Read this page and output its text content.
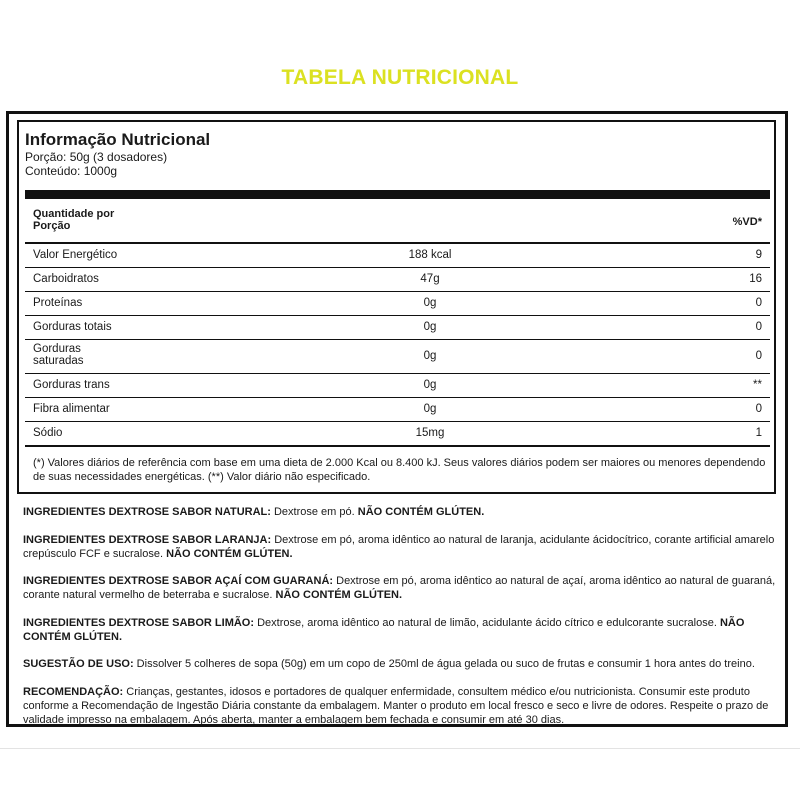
TABELA NUTRICIONAL
Informação Nutricional
Porção: 50g (3 dosadores)
Conteúdo: 1000g
Quantidade por Porção	%VD*
Valor Energético	188 kcal	9
Carboidratos	47g	16
Proteínas	0g	0
Gorduras totais	0g	0
Gorduras saturadas	0g	0
Gorduras trans	0g	**
Fibra alimentar	0g	0
Sódio	15mg	1
(*) Valores diários de referência com base em uma dieta de 2.000 Kcal ou 8.400 kJ. Seus valores diários podem ser maiores ou menores dependendo de suas necessidades energéticas. (**) Valor diário não especificado.
INGREDIENTES DEXTROSE SABOR NATURAL: Dextrose em pó. NÃO CONTÉM GLÚTEN.
INGREDIENTES DEXTROSE SABOR LARANJA: Dextrose em pó, aroma idêntico ao natural de laranja, acidulante ácidocítrico, corante artificial amarelo crepúsculo FCF e sucralose. NÃO CONTÉM GLÚTEN.
INGREDIENTES DEXTROSE SABOR AÇAÍ COM GUARANÁ: Dextrose em pó, aroma idêntico ao natural de açaí, aroma idêntico ao natural de guaraná, corante natural vermelho de beterraba e sucralose. NÃO CONTÉM GLÚTEN.
INGREDIENTES DEXTROSE SABOR LIMÃO: Dextrose, aroma idêntico ao natural de limão, acidulante ácido cítrico e edulcorante sucralose. NÃO CONTÉM GLÚTEN.
SUGESTÃO DE USO: Dissolver 5 colheres de sopa (50g) em um copo de 250ml de água gelada ou suco de frutas e consumir 1 hora antes do treino.
RECOMENDAÇÃO: Crianças, gestantes, idosos e portadores de qualquer enfermidade, consultem médico e/ou nutricionista. Consumir este produto conforme a Recomendação de Ingestão Diária constante da embalagem. Manter o produto em local fresco e seco e livre de odores. Respeite o prazo de validade impresso na embalagem. Após aberta, manter a embalagem bem fechada e consumir em até 30 dias.
